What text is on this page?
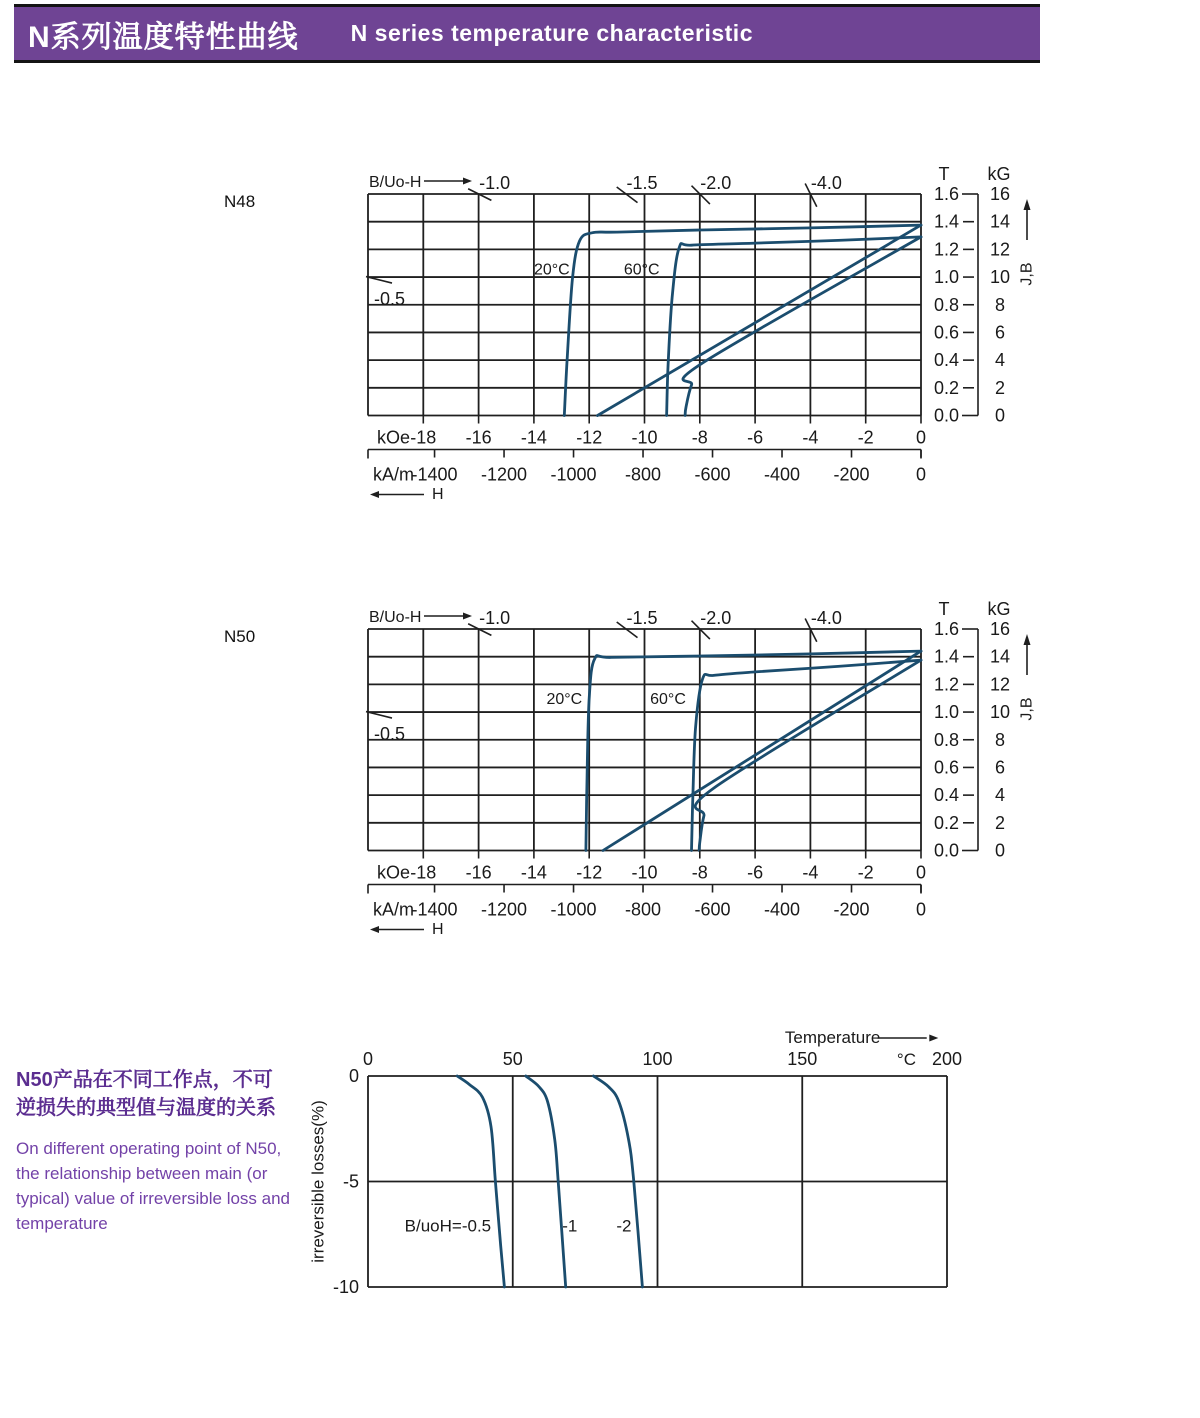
N系列温度特性曲线 N series temperature characteristic
N48
N50
B/Uo-H	-1.0	-1.5 -2.0	-4.0
-0.5
20°C	60°C
-18 -16 -14 -12 -10 -8 -6 -4 -2 0
kOe
-1400 -1200 -1000 -800 -600 -400 -200	0
kA/m
H
T kG
1.6 16
1.4 14
1.2 12
1.0 10
0.8 8
0.6 6
0.4 4
0.2 2
0.0 0
J,B
B/Uo-H	-1.0	-1.5 -2.0	-4.0
-0.5
20°C	60°C
-18 -16 -14 -12 -10 -8 -6 -4 -2 0
kOe
-1400 -1200 -1000 -800 -600 -400 -200	0
kA/m
H
T kG
1.6 16
1.4 14
1.2 12
1.0 10
0.8 8
0.6 6
0.4 4
0.2 2
0.0 0
J,B
0	50	100	150	200
°C
0
-5
-10
Temperature
irreversible losses(%)	B/uoH=-0.5	-1 -2
N50产品在不同工作点，不可
逆损失的典型值与温度的关系
On different operating point of N50,
the relationship between main (or
typical) value of irreversible loss and
temperature
